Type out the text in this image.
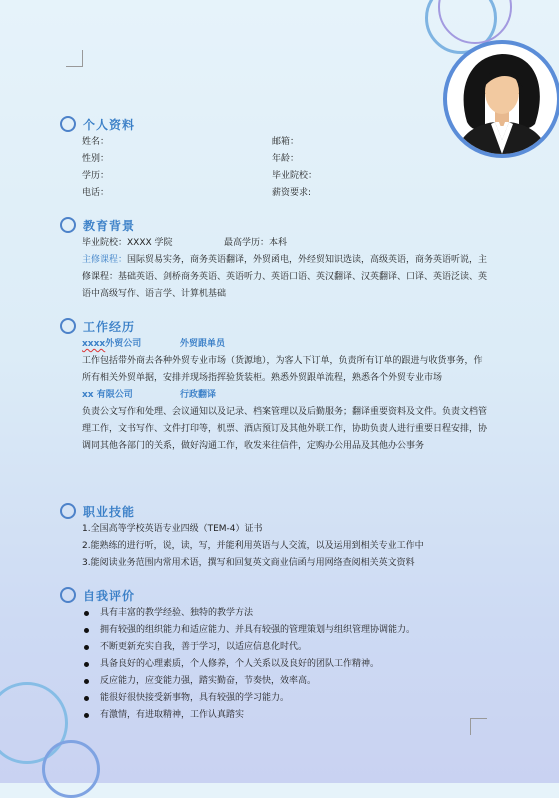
个人资料
姓名：	邮箱：
性别：	年龄：
学历：	毕业院校：
电话：	薪资要求:
教育背景

毕业院校：XXXX 学院	最高学历：本科

主修课程：国际贸易实务，商务英语翻译，外贸函电，外经贸知识选读，高级英语，商务英语听说，主修课程：基础英语、剑桥商务英语、英语听力、英语口语、英汉翻译、汉英翻译、口译、英语泛读、英语中高级写作、语言学、计算机基础

工作经历

xxxx外贸公司	外贸跟单员

工作包括带外商去各种外贸专业市场（货源地），为客人下订单，负责所有订单的跟进与收货事务，作所有相关外贸单据，安排并现场指挥验货装柜。熟悉外贸跟单流程，熟悉各个外贸专业市场

xx 有限公司	行政翻译

负责公文写作和处理、会议通知以及记录、档案管理以及后勤服务；翻译重要资料及文件。负责文档管理工作，文书写作、文件打印等，机票、酒店预订及其他外联工作，协助负责人进行重要日程安排，协调同其他各部门的关系，做好沟通工作，收发来往信件，定购办公用品及其他办公事务

职业技能

1.全国高等学校英语专业四级（TEM-4）证书

2.能熟练的进行听，说，读，写，并能利用英语与人交流，以及运用到相关专业工作中

3.能阅读业务范围内常用术语，撰写和回复英文商业信函与用网络查阅相关英文资料

自我评价
具有丰富的教学经验、独特的教学方法
拥有较强的组织能力和适应能力、并具有较强的管理策划与组织管理协调能力。
不断更新充实自我，善于学习，以适应信息化时代。
具备良好的心理素质，个人修养，个人关系以及良好的团队工作精神。
反应能力，应变能力强，踏实勤奋，节奏快，效率高。
能很好很快接受新事物，具有较强的学习能力。
有激情，有进取精神，工作认真踏实
